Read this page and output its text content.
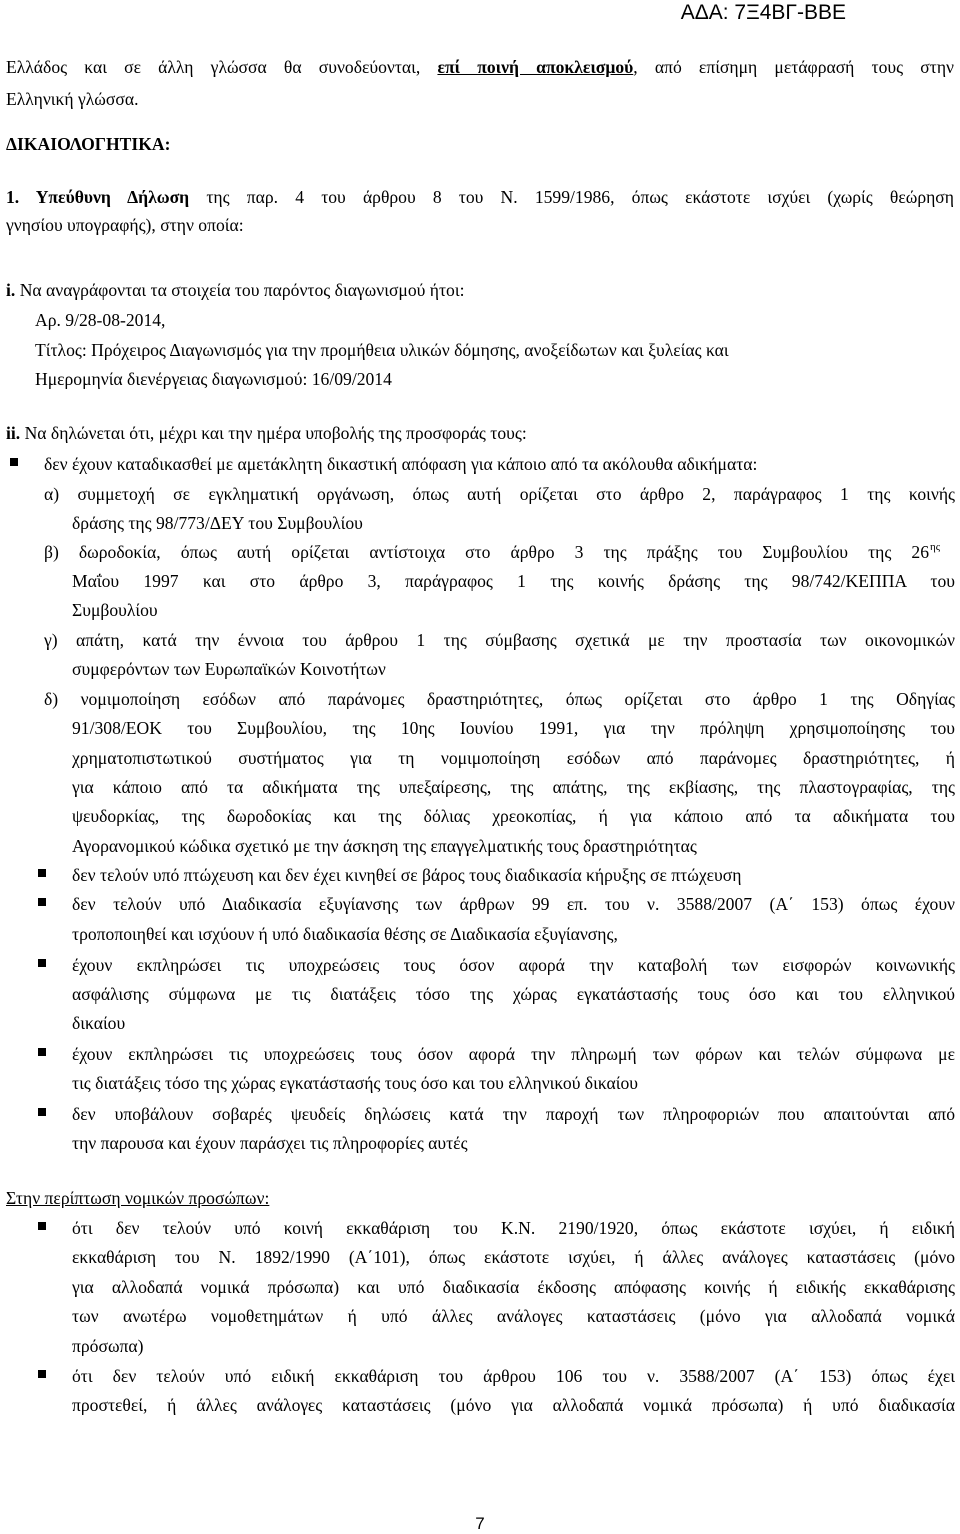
ΑΔΑ: 7Ξ4ΒΓ-ΒΒΕ
Ελλάδος και σε άλλη γλώσσα θα συνοδεύονται, επί ποινή αποκλεισμού, από επίσημη μετάφρασή τους στην
Ελληνική γλώσσα.
ΔΙΚΑΙΟΛΟΓΗΤΙΚΑ:
1. Υπεύθυνη Δήλωση της παρ. 4 του άρθρου 8 του Ν. 1599/1986, όπως εκάστοτε ισχύει (χωρίς θεώρηση
γνησίου υπογραφής), στην οποία:
i. Να αναγράφονται τα στοιχεία του παρόντος διαγωνισμού ήτοι:
Αρ. 9/28-08-2014,
Τίτλος: Πρόχειρος Διαγωνισμός για την προμήθεια υλικών δόμησης, ανοξείδωτων και ξυλείας και
Ημερομηνία διενέργειας διαγωνισμού: 16/09/2014
ii. Να δηλώνεται ότι, μέχρι και την ημέρα υποβολής της προσφοράς τους:
δεν έχουν καταδικασθεί με αμετάκλητη δικαστική απόφαση για κάποιο από τα ακόλουθα αδικήματα:
α) συμμετοχή σε εγκληματική οργάνωση, όπως αυτή ορίζεται στο άρθρο 2, παράγραφος 1 της κοινής
δράσης της 98/773/ΔΕΥ του Συμβουλίου
β) δωροδοκία, όπως αυτή ορίζεται αντίστοιχα στο άρθρο 3 της πράξης του Συμβουλίου της 26 ης
Μαΐου 1997 και στο άρθρο 3, παράγραφος 1 της κοινής δράσης της 98/742/ΚΕΠΠΑ του
Συμβουλίου
γ) απάτη, κατά την έννοια του άρθρου 1 της σύμβασης σχετικά με την προστασία των οικονομικών
συμφερόντων των Ευρωπαϊκών Κοινοτήτων
δ) νομιμοποίηση εσόδων από παράνομες δραστηριότητες, όπως ορίζεται στο άρθρο 1 της Οδηγίας
91/308/ΕΟΚ του Συμβουλίου, της 10ης Ιουνίου 1991, για την πρόληψη χρησιμοποίησης του
χρηματοπιστωτικού συστήματος για τη νομιμοποίηση εσόδων από παράνομες δραστηριότητες, ή
για κάποιο από τα αδικήματα της υπεξαίρεσης, της απάτης, της εκβίασης, της πλαστογραφίας, της
ψευδορκίας, της δωροδοκίας και της δόλιας χρεοκοπίας, ή για κάποιο από τα αδικήματα του
Αγορανομικού κώδικα σχετικό με την άσκηση της επαγγελματικής τους δραστηριότητας
δεν τελούν υπό πτώχευση και δεν έχει κινηθεί σε βάρος τους διαδικασία κήρυξης σε πτώχευση
δεν τελούν υπό Διαδικασία εξυγίανσης των άρθρων 99 επ. του ν. 3588/2007 (Α΄ 153) όπως έχουν
τροποποιηθεί και ισχύουν ή υπό διαδικασία θέσης σε Διαδικασία εξυγίανσης,
έχουν εκπληρώσει τις υποχρεώσεις τους όσον αφορά την καταβολή των εισφορών κοινωνικής
ασφάλισης σύμφωνα με τις διατάξεις τόσο της χώρας εγκατάστασής τους όσο και του ελληνικού
δικαίου
έχουν εκπληρώσει τις υποχρεώσεις τους όσον αφορά την πληρωμή των φόρων και τελών σύμφωνα με
τις διατάξεις τόσο της χώρας εγκατάστασής τους όσο και του ελληνικού δικαίου
δεν υποβάλουν σοβαρές ψευδείς δηλώσεις κατά την παροχή των πληροφοριών που απαιτούνται από
την παρουσα και έχουν παράσχει τις πληροφορίες αυτές
Στην περίπτωση νομικών προσώπων:
ότι δεν τελούν υπό κοινή εκκαθάριση του Κ.Ν. 2190/1920, όπως εκάστοτε ισχύει, ή ειδική
εκκαθάριση του Ν. 1892/1990 (Α΄101), όπως εκάστοτε ισχύει, ή άλλες ανάλογες καταστάσεις (μόνο
για αλλοδαπά νομικά πρόσωπα) και υπό διαδικασία έκδοσης απόφασης κοινής ή ειδικής εκκαθάρισης
των ανωτέρω νομοθετημάτων ή υπό άλλες ανάλογες καταστάσεις (μόνο για αλλοδαπά νομικά
πρόσωπα)
ότι δεν τελούν υπό ειδική εκκαθάριση του άρθρου 106 του ν. 3588/2007 (Α΄ 153) όπως έχει
προστεθεί, ή άλλες ανάλογες καταστάσεις (μόνο για αλλοδαπά νομικά πρόσωπα) ή υπό διαδικασία
7
